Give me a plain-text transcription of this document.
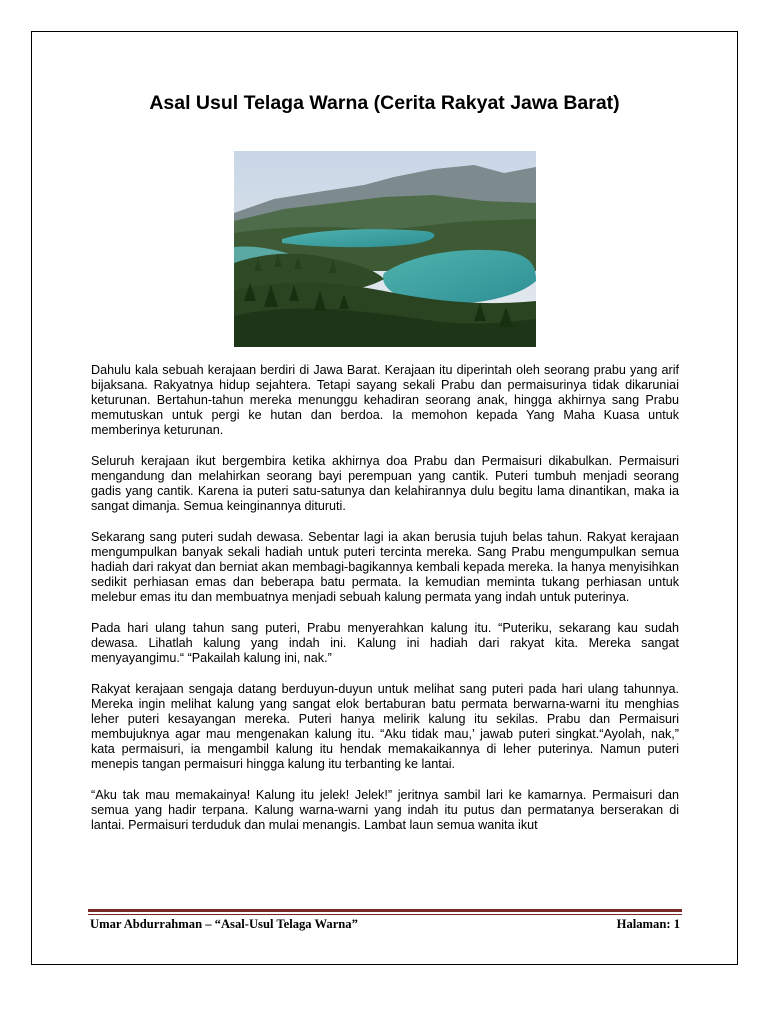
Asal Usul Telaga Warna (Cerita Rakyat Jawa Barat)

Dahulu kala sebuah kerajaan berdiri di Jawa Barat. Kerajaan itu diperintah oleh seorang prabu yang arif bijaksana. Rakyatnya hidup sejahtera. Tetapi sayang sekali Prabu dan permaisurinya tidak dikaruniai keturunan. Bertahun-tahun mereka menunggu kehadiran seorang anak, hingga akhirnya sang Prabu memutuskan untuk pergi ke hutan dan berdoa. Ia memohon kepada Yang Maha Kuasa untuk memberinya keturunan.

Seluruh kerajaan ikut bergembira ketika akhirnya doa Prabu dan Permaisuri dikabulkan. Permaisuri mengandung dan melahirkan seorang bayi perempuan yang cantik. Puteri tumbuh menjadi seorang gadis yang cantik. Karena ia puteri satu-satunya dan kelahirannya dulu begitu lama dinantikan, maka ia sangat dimanja. Semua keinginannya dituruti.

Sekarang sang puteri sudah dewasa. Sebentar lagi ia akan berusia tujuh belas tahun. Rakyat kerajaan mengumpulkan banyak sekali hadiah untuk puteri tercinta mereka. Sang Prabu mengumpulkan semua hadiah dari rakyat dan berniat akan membagi-bagikannya kembali kepada mereka. Ia hanya menyisihkan sedikit perhiasan emas dan beberapa batu permata. Ia kemudian meminta tukang perhiasan untuk melebur emas itu dan membuatnya menjadi sebuah kalung permata yang indah untuk puterinya.

Pada hari ulang tahun sang puteri, Prabu menyerahkan kalung itu. “Puteriku, sekarang kau sudah dewasa. Lihatlah kalung yang indah ini. Kalung ini hadiah dari rakyat kita. Mereka sangat menyayangimu.“ “Pakailah kalung ini, nak.”

Rakyat kerajaan sengaja datang berduyun-duyun untuk melihat sang puteri pada hari ulang tahunnya. Mereka ingin melihat kalung yang sangat elok bertaburan batu permata berwarna-warni itu menghias leher puteri kesayangan mereka. Puteri hanya melirik kalung itu sekilas. Prabu dan Permaisuri membujuknya agar mau mengenakan kalung itu. “Aku tidak mau,’ jawab puteri singkat.“Ayolah, nak,” kata permaisuri, ia mengambil kalung itu hendak memakaikannya di leher puterinya. Namun puteri menepis tangan permaisuri hingga kalung itu terbanting ke lantai.

“Aku tak mau memakainya! Kalung itu jelek! Jelek!” jeritnya sambil lari ke kamarnya. Permaisuri dan semua yang hadir terpana. Kalung warna-warni yang indah itu putus dan permatanya berserakan di lantai. Permaisuri terduduk dan mulai menangis. Lambat laun semua wanita ikut

Umar Abdurrahman – “Asal-Usul Telaga Warna”	Halaman: 1
